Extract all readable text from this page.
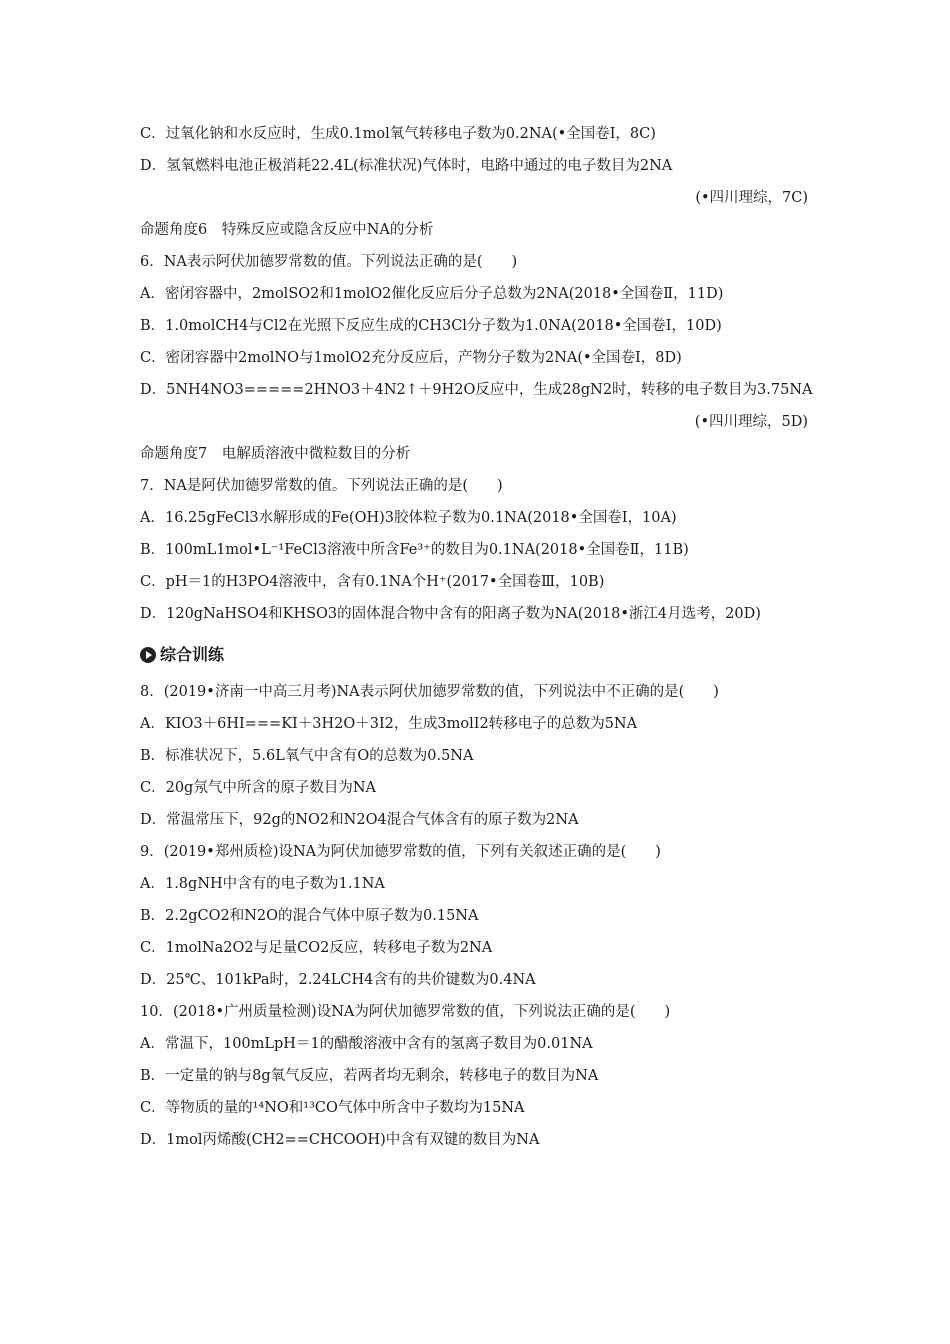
C．过氧化钠和水反应时，生成0.1mol氧气转移电子数为0.2NA(•全国卷Ⅰ，8C)
D．氢氧燃料电池正极消耗22.4L(标准状况)气体时，电路中通过的电子数目为2NA
(•四川理综，7C)
命题角度6　特殊反应或隐含反应中NA的分析
6．NA表示阿伏加德罗常数的值。下列说法正确的是(　　)
A．密闭容器中，2molSO2和1molO2催化反应后分子总数为2NA(2018•全国卷Ⅱ，11D)
B．1.0molCH4与Cl2在光照下反应生成的CH3Cl分子数为1.0NA(2018•全国卷Ⅰ，10D)
C．密闭容器中2molNO与1molO2充分反应后，产物分子数为2NA(•全国卷Ⅰ，8D)
D．5NH4NO3=====2HNO3＋4N2↑＋9H2O反应中，生成28gN2时，转移的电子数目为3.75NA
(•四川理综，5D)
命题角度7　电解质溶液中微粒数目的分析
7．NA是阿伏加德罗常数的值。下列说法正确的是(　　)
A．16.25gFeCl3水解形成的Fe(OH)3胶体粒子数为0.1NA(2018•全国卷Ⅰ，10A)
B．100mL1mol•L⁻¹FeCl3溶液中所含Fe³⁺的数目为0.1NA(2018•全国卷Ⅱ，11B)
C．pH＝1的H3PO4溶液中，含有0.1NA个H⁺(2017•全国卷Ⅲ，10B)
D．120gNaHSO4和KHSO3的固体混合物中含有的阳离子数为NA(2018•浙江4月选考，20D)
综合训练
8．(2019•济南一中高三月考)NA表示阿伏加德罗常数的值，下列说法中不正确的是(　　)
A．KIO3＋6HI===KI＋3H2O＋3I2，生成3molI2转移电子的总数为5NA
B．标准状况下，5.6L氧气中含有O的总数为0.5NA
C．20g氖气中所含的原子数目为NA
D．常温常压下，92g的NO2和N2O4混合气体含有的原子数为2NA
9．(2019•郑州质检)设NA为阿伏加德罗常数的值，下列有关叙述正确的是(　　)
A．1.8gNH中含有的电子数为1.1NA
B．2.2gCO2和N2O的混合气体中原子数为0.15NA
C．1molNa2O2与足量CO2反应，转移电子数为2NA
D．25℃、101kPa时，2.24LCH4含有的共价键数为0.4NA
10．(2018•广州质量检测)设NA为阿伏加德罗常数的值，下列说法正确的是(　　)
A．常温下，100mLpH＝1的醋酸溶液中含有的氢离子数目为0.01NA
B．一定量的钠与8g氧气反应，若两者均无剩余，转移电子的数目为NA
C．等物质的量的¹⁴NO和¹³CO气体中所含中子数均为15NA
D．1mol丙烯酸(CH2==CHCOOH)中含有双键的数目为NA
